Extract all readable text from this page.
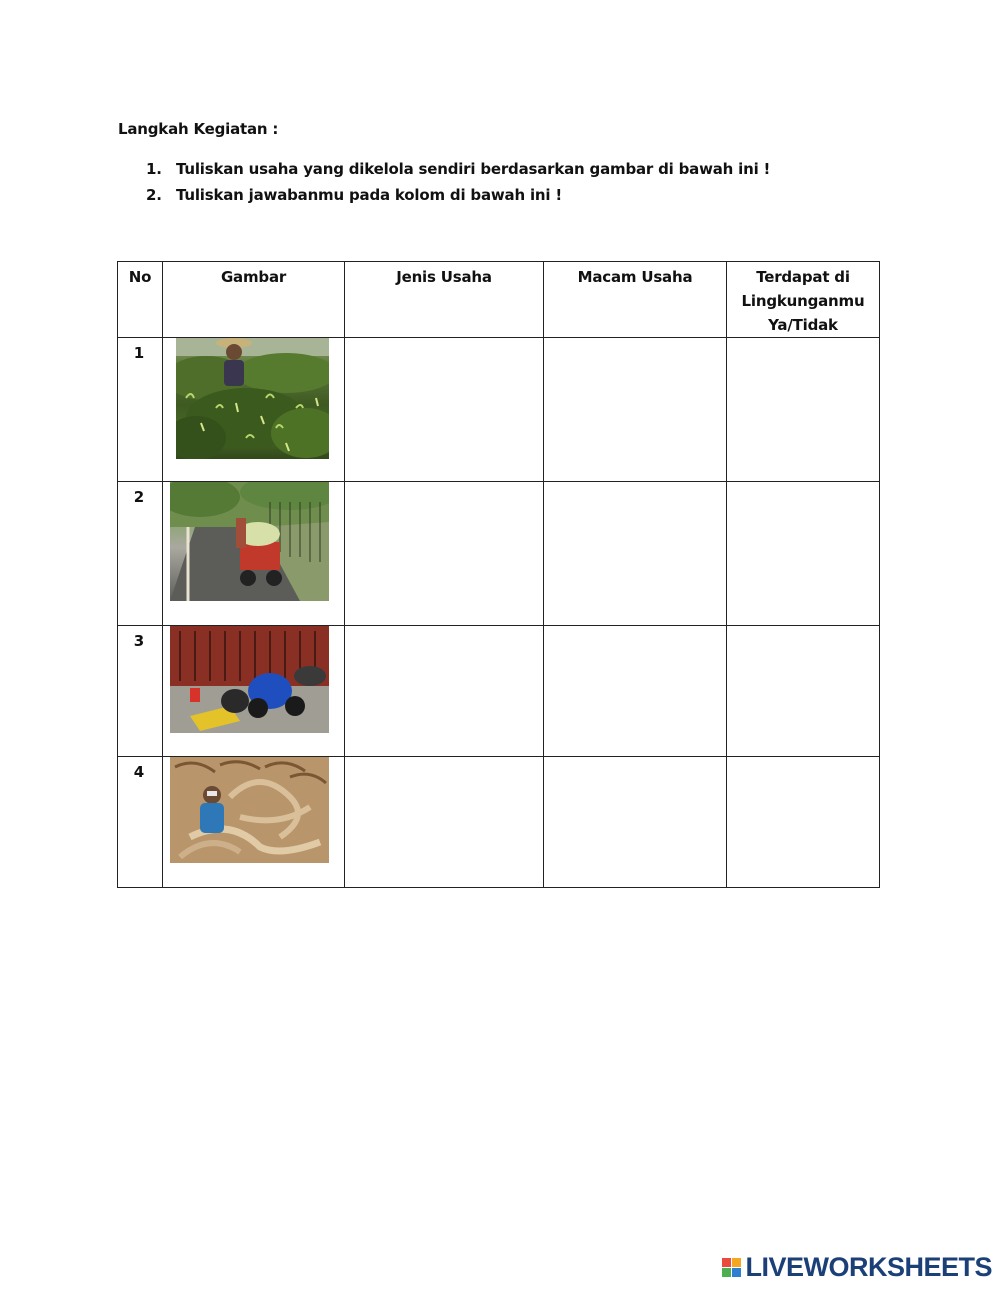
Langkah Kegiatan :
1. Tuliskan usaha yang dikelola sendiri berdasarkan gambar di bawah ini !
2. Tuliskan jawabanmu pada kolom di bawah ini !
No	Gambar	Jenis Usaha	Macam Usaha	Terdapat di
Lingkunganmu
Ya/Tidak

1				
2				
3				
4				
LIVEWORKSHEETS
